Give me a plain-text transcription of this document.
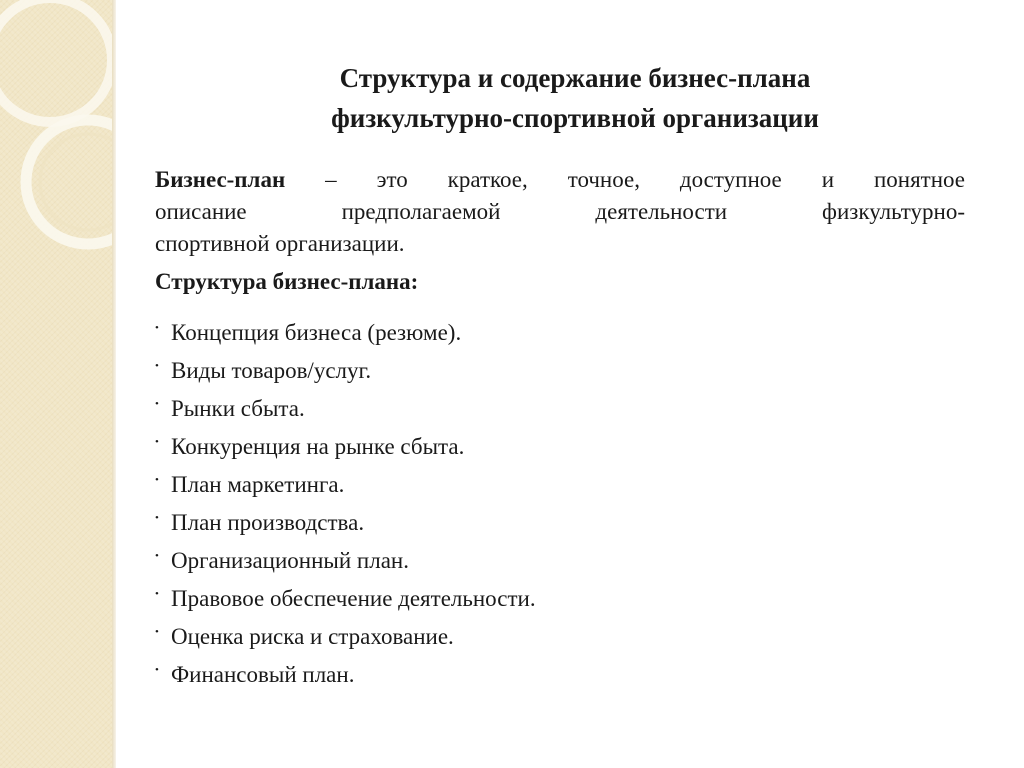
Структура и содержание бизнес-плана
физкультурно-спортивной организации

Бизнес-план – это краткое, точное, доступное и понятное
описание предполагаемой деятельности физкультурно-
спортивной организации.

Структура бизнес-плана:

• Концепция бизнеса (резюме).
• Виды товаров/услуг.
• Рынки сбыта.
• Конкуренция на рынке сбыта.
• План маркетинга.
• План производства.
• Организационный план.
• Правовое обеспечение деятельности.
• Оценка риска и страхование.
• Финансовый план.
